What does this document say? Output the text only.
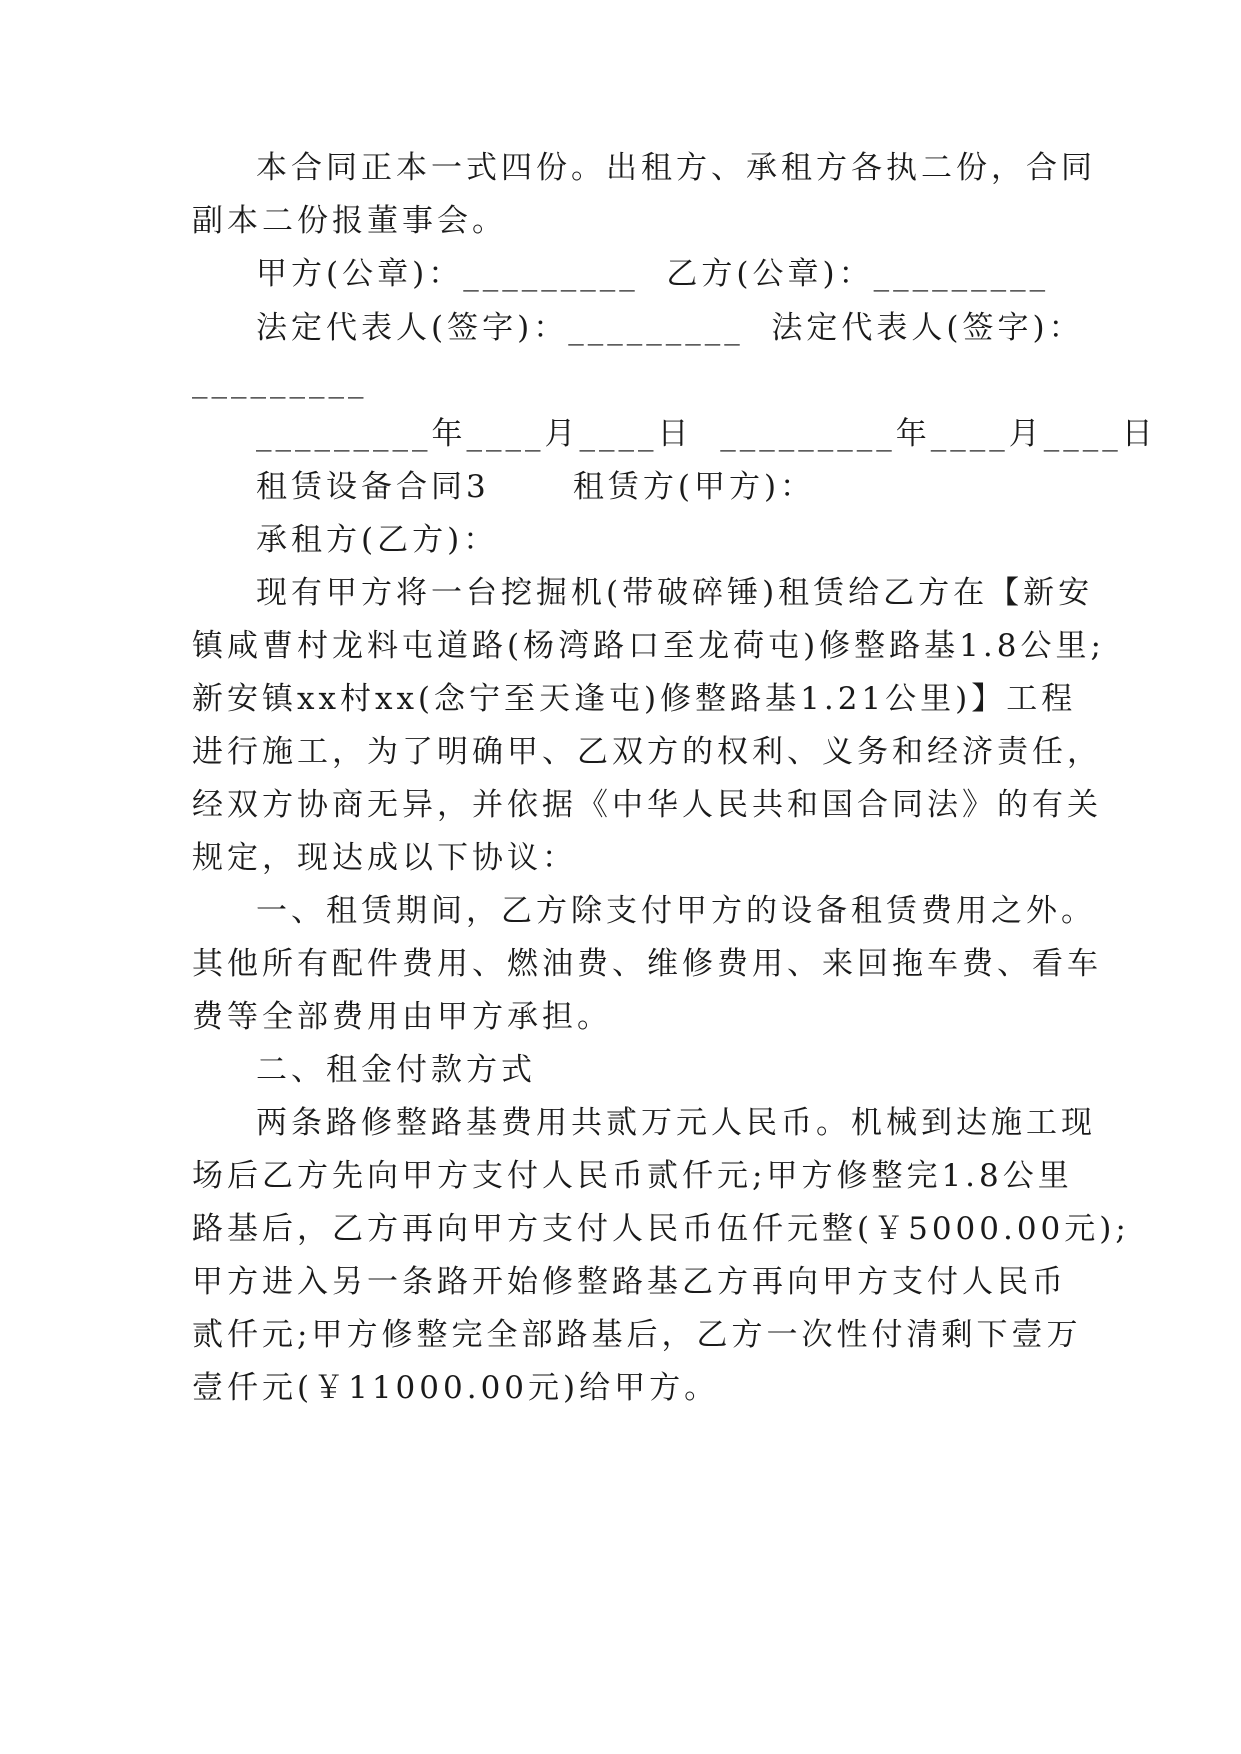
本合同正本一式四份。出租方、承租方各执二份，合同
副本二份报董事会。
甲方(公章)：_________  乙方(公章)：_________
法定代表人(签字)：_________  法定代表人(签字)：
_________
_________年____月____日  _________年____月____日
租赁设备合同3      租赁方(甲方)：
承租方(乙方)：
现有甲方将一台挖掘机(带破碎锤)租赁给乙方在【新安
镇咸曹村龙料屯道路(杨湾路口至龙荷屯)修整路基1.8公里;
新安镇xx村xx(念宁至天逢屯)修整路基1.21公里)】工程
进行施工，为了明确甲、乙双方的权利、义务和经济责任，
经双方协商无异，并依据《中华人民共和国合同法》的有关
规定，现达成以下协议：
一、租赁期间，乙方除支付甲方的设备租赁费用之外。
其他所有配件费用、燃油费、维修费用、来回拖车费、看车
费等全部费用由甲方承担。
二、租金付款方式
两条路修整路基费用共贰万元人民币。机械到达施工现
场后乙方先向甲方支付人民币贰仟元;甲方修整完1.8公里
路基后，乙方再向甲方支付人民币伍仟元整(￥5000.00元);
甲方进入另一条路开始修整路基乙方再向甲方支付人民币
贰仟元;甲方修整完全部路基后，乙方一次性付清剩下壹万
壹仟元(￥11000.00元)给甲方。
